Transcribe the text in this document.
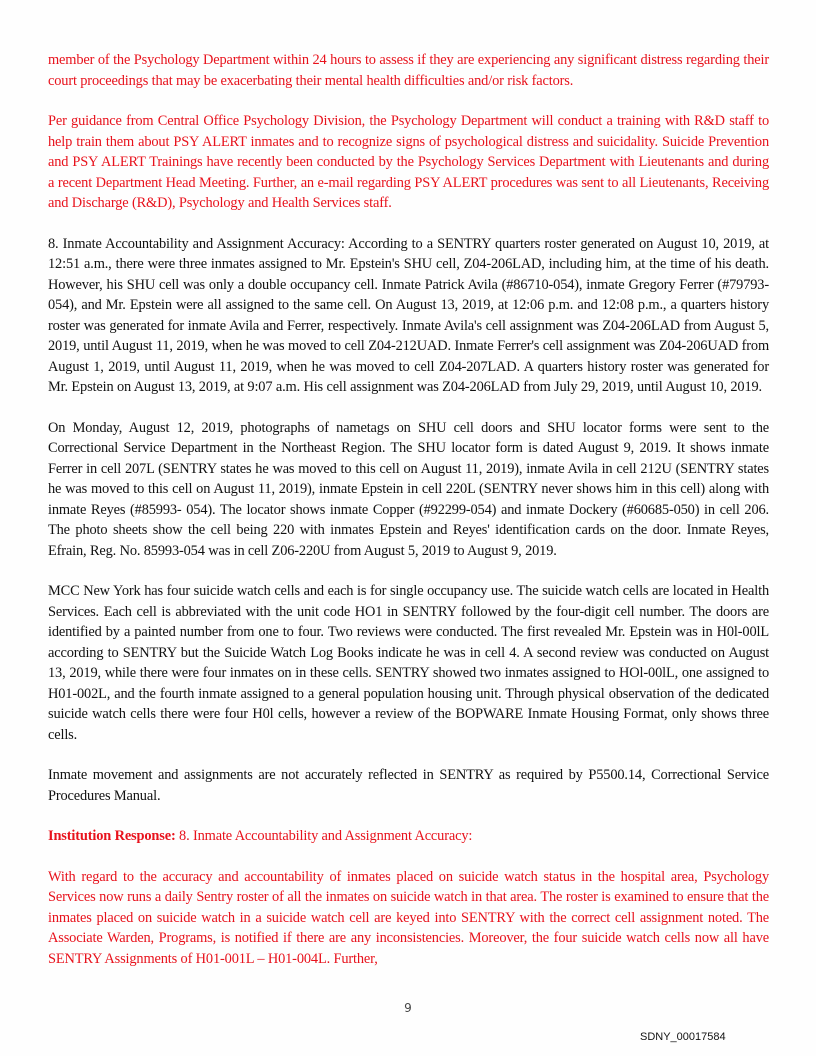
member of the Psychology Department within 24 hours to assess if they are experiencing any significant distress regarding their court proceedings that may be exacerbating their mental health difficulties and/or risk factors.

Per guidance from Central Office Psychology Division, the Psychology Department will conduct a training with R&D staff to help train them about PSY ALERT inmates and to recognize signs of psychological distress and suicidality. Suicide Prevention and PSY ALERT Trainings have recently been conducted by the Psychology Services Department with Lieutenants and during a recent Department Head Meeting. Further, an e-mail regarding PSY ALERT procedures was sent to all Lieutenants, Receiving and Discharge (R&D), Psychology and Health Services staff.

8. Inmate Accountability and Assignment Accuracy: According to a SENTRY quarters roster generated on August 10, 2019, at 12:51 a.m., there were three inmates assigned to Mr. Epstein's SHU cell, Z04-206LAD, including him, at the time of his death. However, his SHU cell was only a double occupancy cell. Inmate Patrick Avila (#86710-054), inmate Gregory Ferrer (#79793-054), and Mr. Epstein were all assigned to the same cell. On August 13, 2019, at 12:06 p.m. and 12:08 p.m., a quarters history roster was generated for inmate Avila and Ferrer, respectively. Inmate Avila's cell assignment was Z04-206LAD from August 5, 2019, until August 11, 2019, when he was moved to cell Z04-212UAD. Inmate Ferrer's cell assignment was Z04-206UAD from August 1, 2019, until August 11, 2019, when he was moved to cell Z04-207LAD. A quarters history roster was generated for Mr. Epstein on August 13, 2019, at 9:07 a.m. His cell assignment was Z04-206LAD from July 29, 2019, until August 10, 2019.

On Monday, August 12, 2019, photographs of nametags on SHU cell doors and SHU locator forms were sent to the Correctional Service Department in the Northeast Region. The SHU locator form is dated August 9, 2019. It shows inmate Ferrer in cell 207L (SENTRY states he was moved to this cell on August 11, 2019), inmate Avila in cell 212U (SENTRY states he was moved to this cell on August 11, 2019), inmate Epstein in cell 220L (SENTRY never shows him in this cell) along with inmate Reyes (#85993- 054). The locator shows inmate Copper (#92299-054) and inmate Dockery (#60685-050) in cell 206. The photo sheets show the cell being 220 with inmates Epstein and Reyes' identification cards on the door. Inmate Reyes, Efrain, Reg. No. 85993-054 was in cell Z06-220U from August 5, 2019 to August 9, 2019.

MCC New York has four suicide watch cells and each is for single occupancy use. The suicide watch cells are located in Health Services. Each cell is abbreviated with the unit code HO1 in SENTRY followed by the four-digit cell number. The doors are identified by a painted number from one to four. Two reviews were conducted. The first revealed Mr. Epstein was in H0l-00lL according to SENTRY but the Suicide Watch Log Books indicate he was in cell 4. A second review was conducted on August 13, 2019, while there were four inmates on in these cells. SENTRY showed two inmates assigned to HOl-00lL, one assigned to H01-002L, and the fourth inmate assigned to a general population housing unit. Through physical observation of the dedicated suicide watch cells there were four H0l cells, however a review of the BOPWARE Inmate Housing Format, only shows three cells.

Inmate movement and assignments are not accurately reflected in SENTRY as required by P5500.14, Correctional Service Procedures Manual.

Institution Response: 8. Inmate Accountability and Assignment Accuracy:

With regard to the accuracy and accountability of inmates placed on suicide watch status in the hospital area, Psychology Services now runs a daily Sentry roster of all the inmates on suicide watch in that area. The roster is examined to ensure that the inmates placed on suicide watch in a suicide watch cell are keyed into SENTRY with the correct cell assignment noted. The Associate Warden, Programs, is notified if there are any inconsistencies. Moreover, the four suicide watch cells now all have SENTRY Assignments of H01-001L – H01-004L. Further,

9
SDNY_00017584
